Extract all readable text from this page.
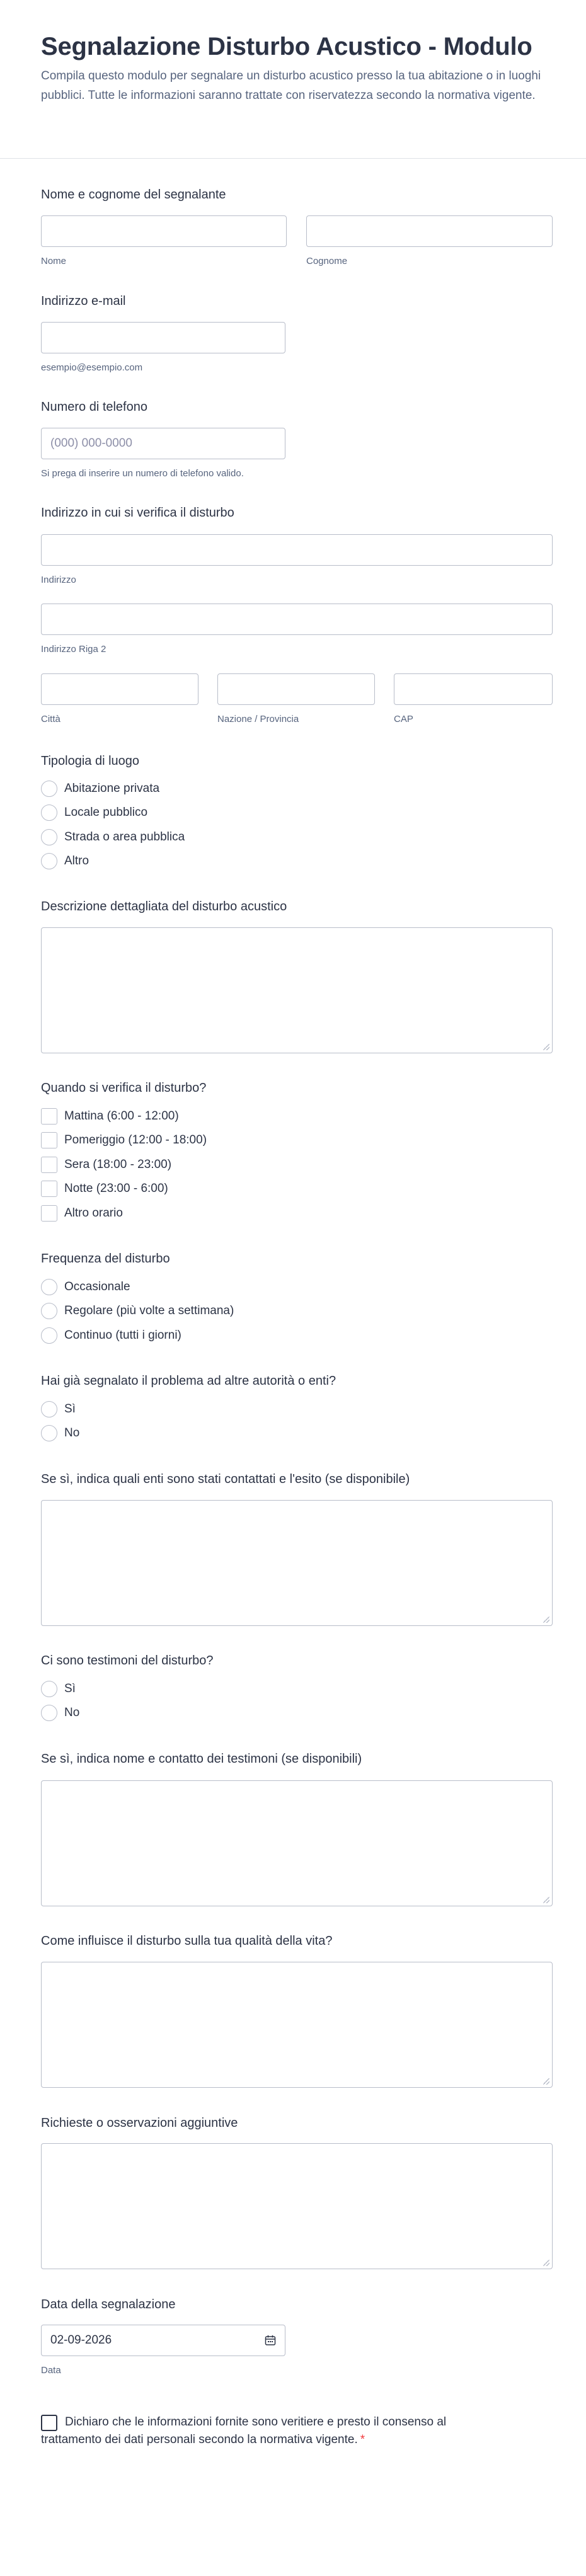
Segnalazione Disturbo Acustico - Modulo
Compila questo modulo per segnalare un disturbo acustico presso la tua abitazione o in luoghi pubblici. Tutte le informazioni saranno trattate con riservatezza secondo la normativa vigente.
Nome e cognome del segnalante
Nome	Cognome
Indirizzo e-mail
esempio@esempio.com
Numero di telefono
(000) 000-0000
Si prega di inserire un numero di telefono valido.
Indirizzo in cui si verifica il disturbo
Indirizzo
Indirizzo Riga 2
Città	Nazione / Provincia	CAP
Tipologia di luogo
Abitazione privata
Locale pubblico
Strada o area pubblica
Altro
Descrizione dettagliata del disturbo acustico
Quando si verifica il disturbo?
Mattina (6:00 - 12:00)
Pomeriggio (12:00 - 18:00)
Sera (18:00 - 23:00)
Notte (23:00 - 6:00)
Altro orario
Frequenza del disturbo
Occasionale
Regolare (più volte a settimana)
Continuo (tutti i giorni)
Hai già segnalato il problema ad altre autorità o enti?
Sì
No
Se sì, indica quali enti sono stati contattati e l'esito (se disponibile)
Ci sono testimoni del disturbo?
Sì
No
Se sì, indica nome e contatto dei testimoni (se disponibili)
Come influisce il disturbo sulla tua qualità della vita?
Richieste o osservazioni aggiuntive
Data della segnalazione
02-09-2026
Data
Dichiaro che le informazioni fornite sono veritiere e presto il consenso al
trattamento dei dati personali secondo la normativa vigente. *
